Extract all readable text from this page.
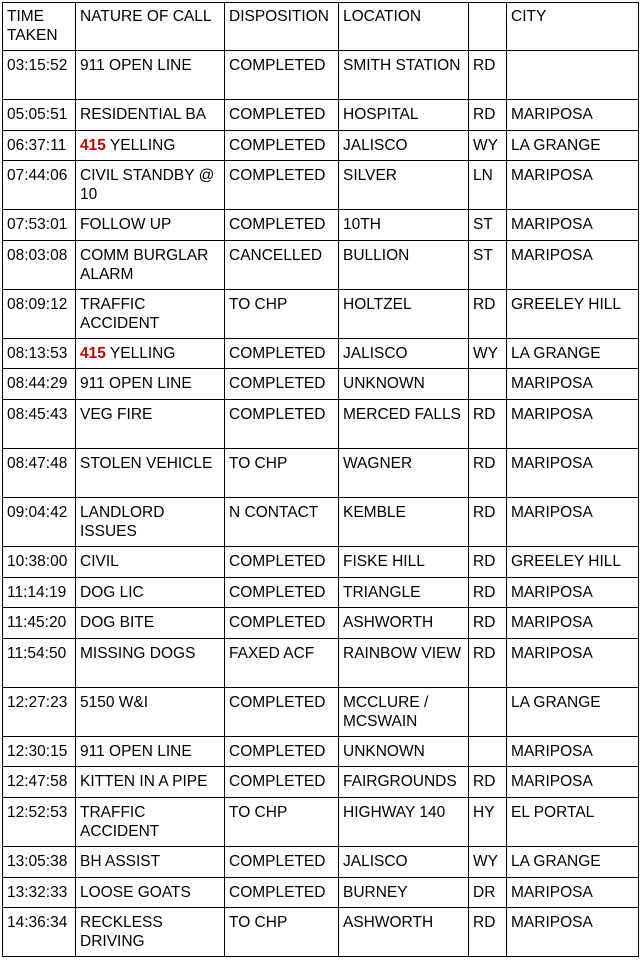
TIME TAKEN	NATURE OF CALL	DISPOSITION	LOCATION		CITY
03:15:52	911 OPEN LINE	COMPLETED	SMITH STATION	RD	
05:05:51	RESIDENTIAL BA	COMPLETED	HOSPITAL	RD	MARIPOSA
06:37:11	415 YELLING	COMPLETED	JALISCO	WY	LA GRANGE
07:44:06	CIVIL STANDBY @ 10	COMPLETED	SILVER	LN	MARIPOSA
07:53:01	FOLLOW UP	COMPLETED	10TH	ST	MARIPOSA
08:03:08	COMM BURGLAR ALARM	CANCELLED	BULLION	ST	MARIPOSA
08:09:12	TRAFFIC ACCIDENT	TO CHP	HOLTZEL	RD	GREELEY HILL
08:13:53	415 YELLING	COMPLETED	JALISCO	WY	LA GRANGE
08:44:29	911 OPEN LINE	COMPLETED	UNKNOWN		MARIPOSA
08:45:43	VEG FIRE	COMPLETED	MERCED FALLS	RD	MARIPOSA
08:47:48	STOLEN VEHICLE	TO CHP	WAGNER	RD	MARIPOSA
09:04:42	LANDLORD ISSUES	N CONTACT	KEMBLE	RD	MARIPOSA
10:38:00	CIVIL	COMPLETED	FISKE HILL	RD	GREELEY HILL
11:14:19	DOG LIC	COMPLETED	TRIANGLE	RD	MARIPOSA
11:45:20	DOG BITE	COMPLETED	ASHWORTH	RD	MARIPOSA
11:54:50	MISSING DOGS	FAXED ACF	RAINBOW VIEW	RD	MARIPOSA
12:27:23	5150 W&I	COMPLETED	MCCLURE / MCSWAIN		LA GRANGE
12:30:15	911 OPEN LINE	COMPLETED	UNKNOWN		MARIPOSA
12:47:58	KITTEN IN A PIPE	COMPLETED	FAIRGROUNDS	RD	MARIPOSA
12:52:53	TRAFFIC ACCIDENT	TO CHP	HIGHWAY 140	HY	EL PORTAL
13:05:38	BH ASSIST	COMPLETED	JALISCO	WY	LA GRANGE
13:32:33	LOOSE GOATS	COMPLETED	BURNEY	DR	MARIPOSA
14:36:34	RECKLESS DRIVING	TO CHP	ASHWORTH	RD	MARIPOSA
